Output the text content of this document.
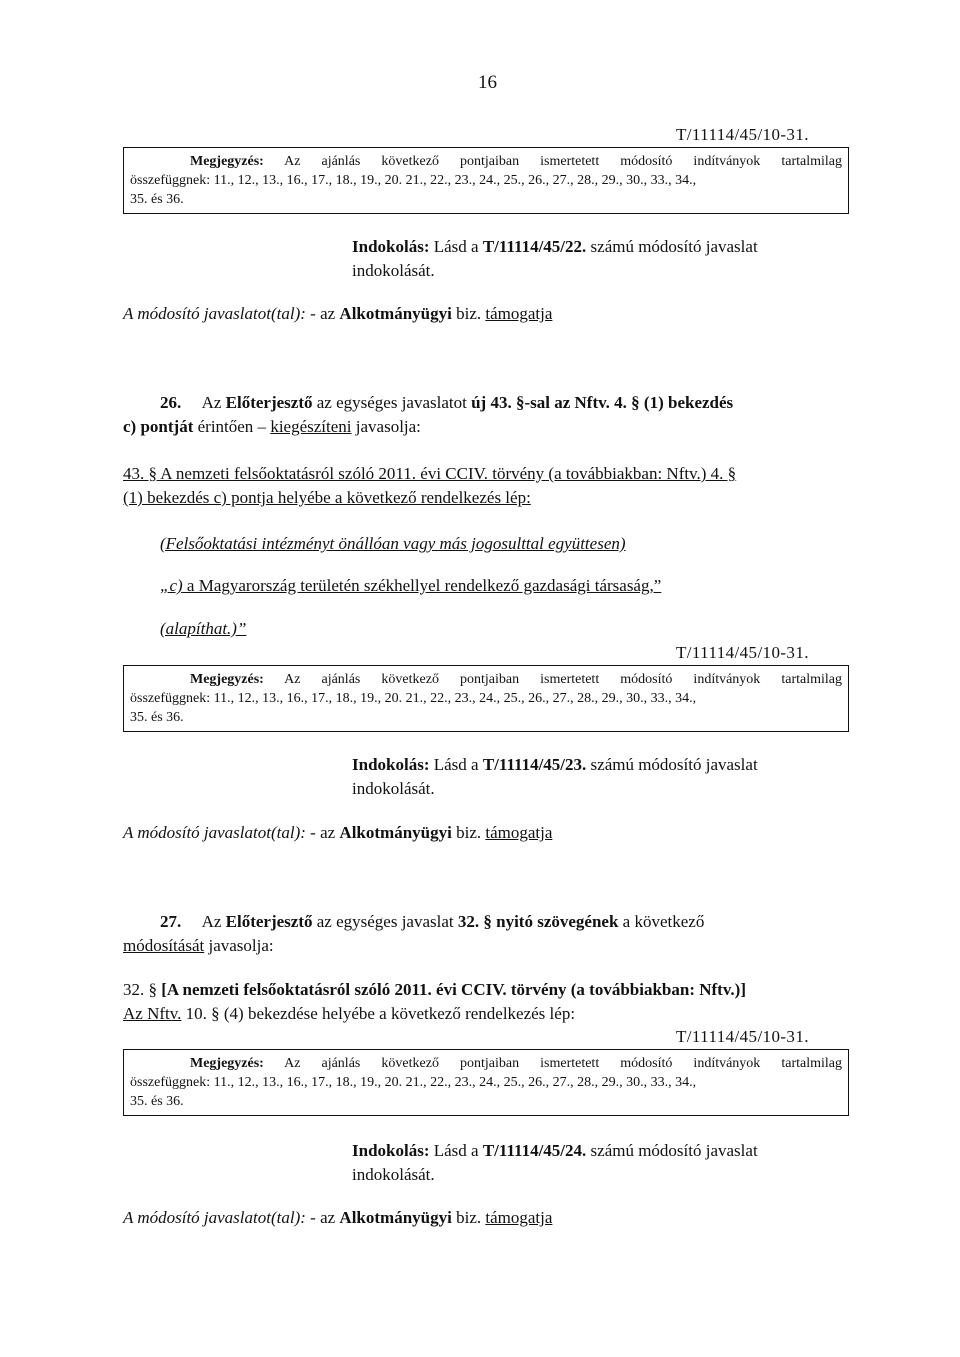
16
T/11114/45/10-31.
Megjegyzés: Az ajánlás következő pontjaiban ismertetett módosító indítványok tartalmilag
összefüggnek: 11., 12., 13., 16., 17., 18., 19., 20. 21., 22., 23., 24., 25., 26., 27., 28., 29., 30., 33., 34.,
35. és 36.
Indokolás: Lásd a T/11114/45/22. számú módosító javaslat
indokolását.
A módosító javaslatot(tal): - az Alkotmányügyi biz. támogatja
26. Az Előterjesztő az egységes javaslatot új 43. §-sal az Nftv. 4. § (1) bekezdés
c) pontját érintően – kiegészíteni javasolja:
43. § A nemzeti felsőoktatásról szóló 2011. évi CCIV. törvény (a továbbiakban: Nftv.) 4. §
(1) bekezdés c) pontja helyébe a következő rendelkezés lép:
(Felsőoktatási intézményt önállóan vagy más jogosulttal együttesen)
„c) a Magyarország területén székhellyel rendelkező gazdasági társaság,”
(alapíthat.)”
T/11114/45/10-31.
Megjegyzés: Az ajánlás következő pontjaiban ismertetett módosító indítványok tartalmilag
összefüggnek: 11., 12., 13., 16., 17., 18., 19., 20. 21., 22., 23., 24., 25., 26., 27., 28., 29., 30., 33., 34.,
35. és 36.
Indokolás: Lásd a T/11114/45/23. számú módosító javaslat
indokolását.
A módosító javaslatot(tal): - az Alkotmányügyi biz. támogatja
27. Az Előterjesztő az egységes javaslat 32. § nyitó szövegének a következő
módosítását javasolja:
32. § [A nemzeti felsőoktatásról szóló 2011. évi CCIV. törvény (a továbbiakban: Nftv.)]
Az Nftv. 10. § (4) bekezdése helyébe a következő rendelkezés lép:
T/11114/45/10-31.
Megjegyzés: Az ajánlás következő pontjaiban ismertetett módosító indítványok tartalmilag
összefüggnek: 11., 12., 13., 16., 17., 18., 19., 20. 21., 22., 23., 24., 25., 26., 27., 28., 29., 30., 33., 34.,
35. és 36.
Indokolás: Lásd a T/11114/45/24. számú módosító javaslat
indokolását.
A módosító javaslatot(tal): - az Alkotmányügyi biz. támogatja
